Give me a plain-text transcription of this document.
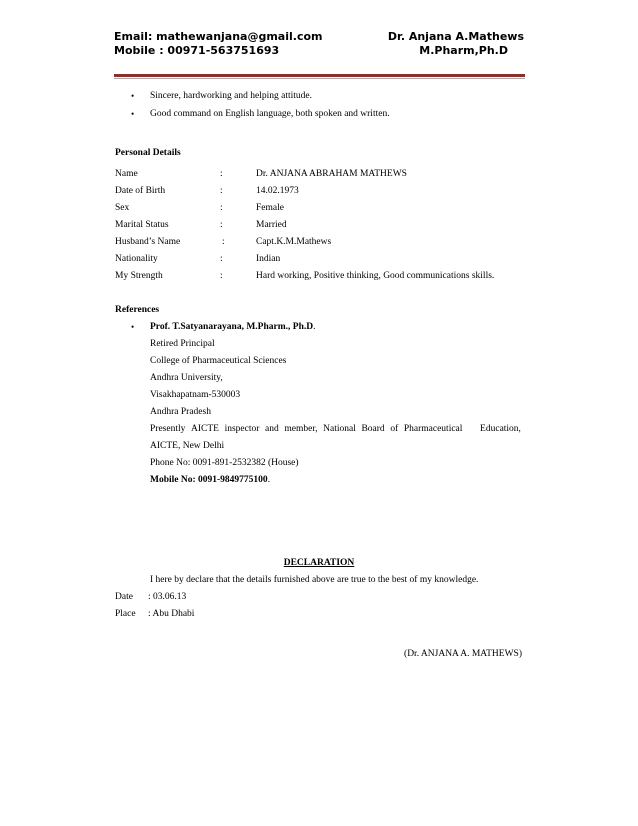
Email: mathewanjana@gmail.com	Dr. Anjana A.Mathews
Mobile : 00971-563751693	M.Pharm,Ph.D
• Sincere, hardworking and helping attitude.
• Good command on English language, both spoken and written.
Personal Details
Name	:	Dr. ANJANA ABRAHAM MATHEWS
Date of Birth	:	14.02.1973
Sex	:	Female
Marital Status	:	Married
Husband’s Name	:	Capt.K.M.Mathews
Nationality	:	Indian
My Strength	:	Hard working, Positive thinking, Good communications skills.
References
• Prof. T.Satyanarayana, M.Pharm., Ph.D.
Retired Principal
College of Pharmaceutical Sciences
Andhra University,
Visakhapatnam-530003
Andhra Pradesh
Presently AICTE inspector and member, National Board of Pharmaceutical Education,
AICTE, New Delhi
Phone No: 0091-891-2532382 (House)
Mobile No: 0091-9849775100.
DECLARATION
I here by declare that the details furnished above are true to the best of my knowledge.
Date : 03.06.13
Place : Abu Dhabi
(Dr. ANJANA A. MATHEWS)
